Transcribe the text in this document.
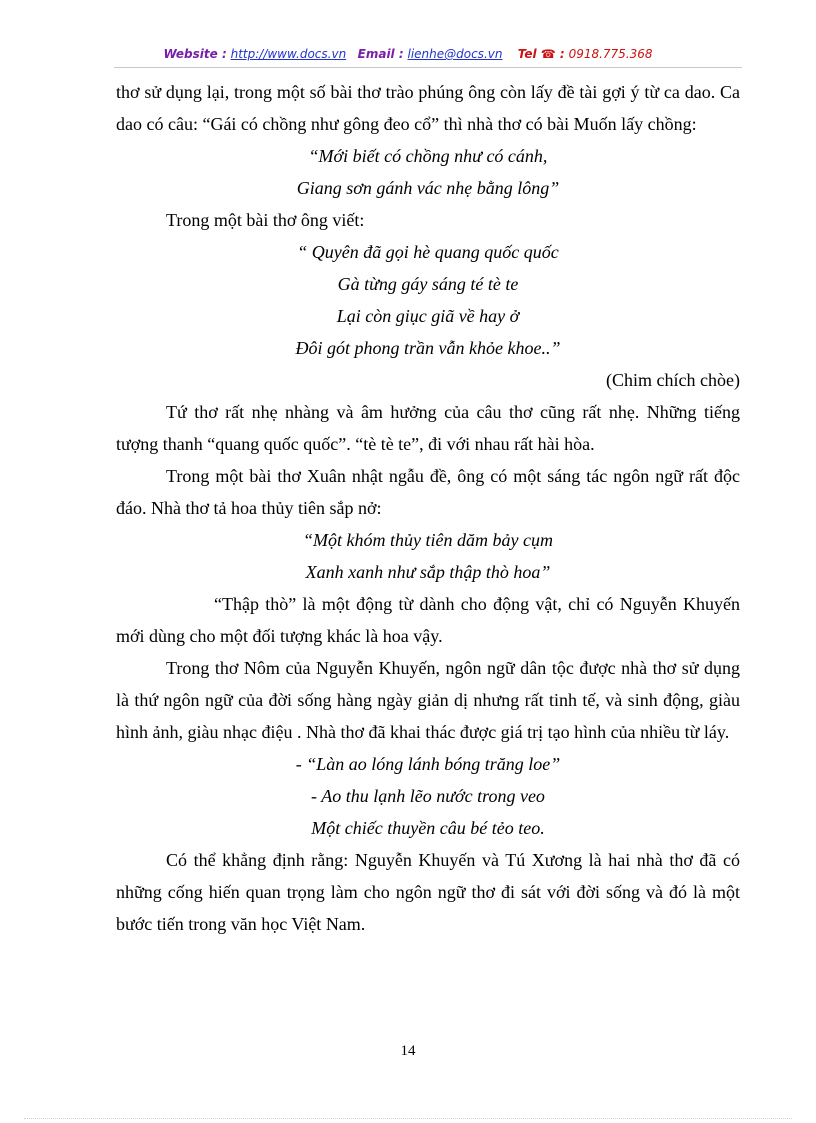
Website : http://www.docs.vn Email : lienhe@docs.vn Tel ☎ : 0918.775.368

thơ sử dụng lại, trong một số bài thơ trào phúng ông còn lấy đề tài gợi ý từ ca dao. Ca dao có câu: “Gái có chồng như gông đeo cổ” thì nhà thơ có bài Muốn lấy chồng:

“Mới biết có chồng như có cánh,

Giang sơn gánh vác nhẹ bằng lông”

Trong một bài thơ ông viết:

“ Quyên đã gọi hè quang quốc quốc

Gà từng gáy sáng té tè te

Lại còn giục giã về hay ở

Đôi gót phong trần vẫn khỏe khoe..”

(Chim chích chòe)

Tứ thơ rất nhẹ nhàng và âm hưởng của câu thơ cũng rất nhẹ. Những tiếng tượng thanh “quang quốc quốc”. “tè tè te”, đi với nhau rất hài hòa.

Trong một bài thơ Xuân nhật ngẫu đề, ông có một sáng tác ngôn ngữ rất độc đáo. Nhà thơ tả hoa thủy tiên sắp nở:

“Một khóm thủy tiên dăm bảy cụm

Xanh xanh như sắp thập thò hoa”

“Thập thò” là một động từ dành cho động vật, chỉ có Nguyễn Khuyến mới dùng cho một đối tượng khác là hoa vậy.

Trong thơ Nôm của Nguyễn Khuyến, ngôn ngữ dân tộc được nhà thơ sử dụng là thứ ngôn ngữ của đời sống hàng ngày giản dị nhưng rất tinh tế, và sinh động, giàu hình ảnh, giàu nhạc điệu . Nhà thơ đã khai thác được giá trị tạo hình của nhiều từ láy.

- “Làn ao lóng lánh bóng trăng loe”

- Ao thu lạnh lẽo nước trong veo

Một chiếc thuyền câu bé tẻo teo.

Có thể khẳng định rằng: Nguyễn Khuyến và Tú Xương là hai nhà thơ đã có những cống hiến quan trọng làm cho ngôn ngữ thơ đi sát với đời sống và đó là một bước tiến trong văn học Việt Nam.

14
